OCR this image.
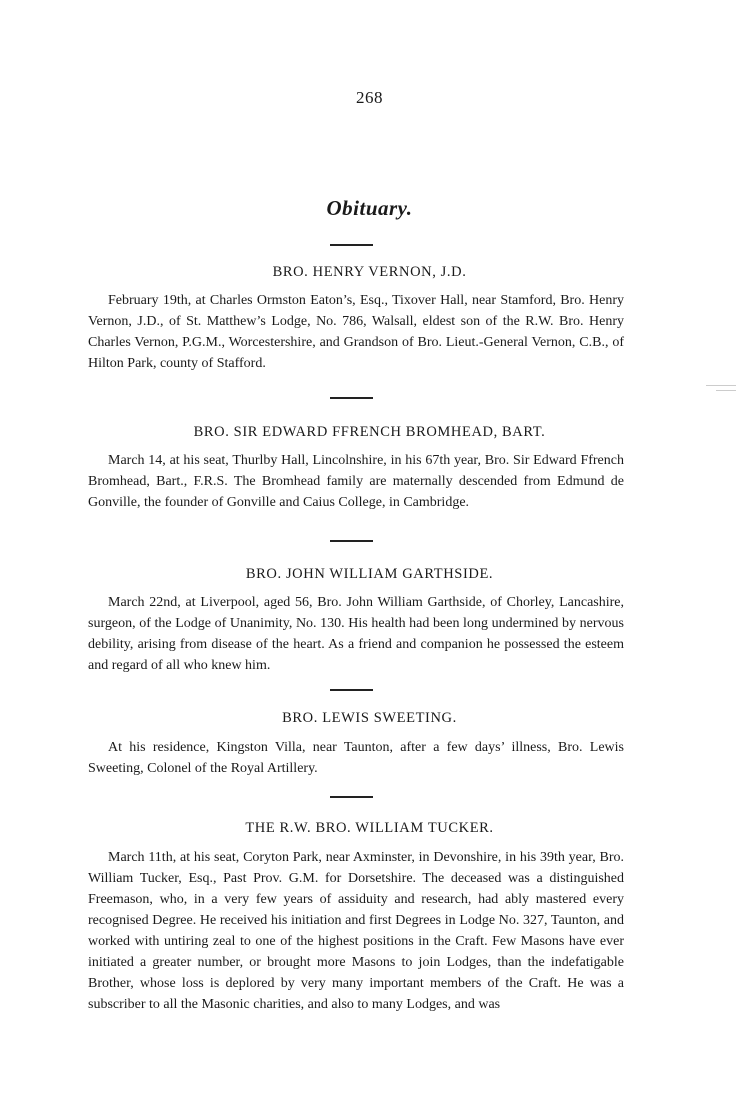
268
Obituary.
BRO. HENRY VERNON, J.D.
February 19th, at Charles Ormston Eaton’s, Esq., Tixover Hall, near Stamford, Bro. Henry Vernon, J.D., of St. Matthew’s Lodge, No. 786, Walsall, eldest son of the R.W. Bro. Henry Charles Vernon, P.G.M., Worcestershire, and Grandson of Bro. Lieut.-General Vernon, C.B., of Hilton Park, county of Stafford.
BRO. SIR EDWARD FFRENCH BROMHEAD, BART.
March 14, at his seat, Thurlby Hall, Lincolnshire, in his 67th year, Bro. Sir Edward Ffrench Bromhead, Bart., F.R.S. The Bromhead family are maternally descended from Edmund de Gonville, the founder of Gonville and Caius College, in Cambridge.
BRO. JOHN WILLIAM GARTHSIDE.
March 22nd, at Liverpool, aged 56, Bro. John William Garthside, of Chorley, Lancashire, surgeon, of the Lodge of Unanimity, No. 130. His health had been long undermined by nervous debility, arising from disease of the heart. As a friend and companion he possessed the esteem and regard of all who knew him.
BRO. LEWIS SWEETING.
At his residence, Kingston Villa, near Taunton, after a few days’ illness, Bro. Lewis Sweeting, Colonel of the Royal Artillery.
THE R.W. BRO. WILLIAM TUCKER.
March 11th, at his seat, Coryton Park, near Axminster, in Devonshire, in his 39th year, Bro. William Tucker, Esq., Past Prov. G.M. for Dorsetshire. The deceased was a distinguished Freemason, who, in a very few years of assiduity and research, had ably mastered every recognised Degree. He received his initiation and first Degrees in Lodge No. 327, Taunton, and worked with untiring zeal to one of the highest positions in the Craft. Few Masons have ever initiated a greater number, or brought more Masons to join Lodges, than the indefatigable Brother, whose loss is deplored by very many important members of the Craft. He was a subscriber to all the Masonic charities, and also to many Lodges, and was
